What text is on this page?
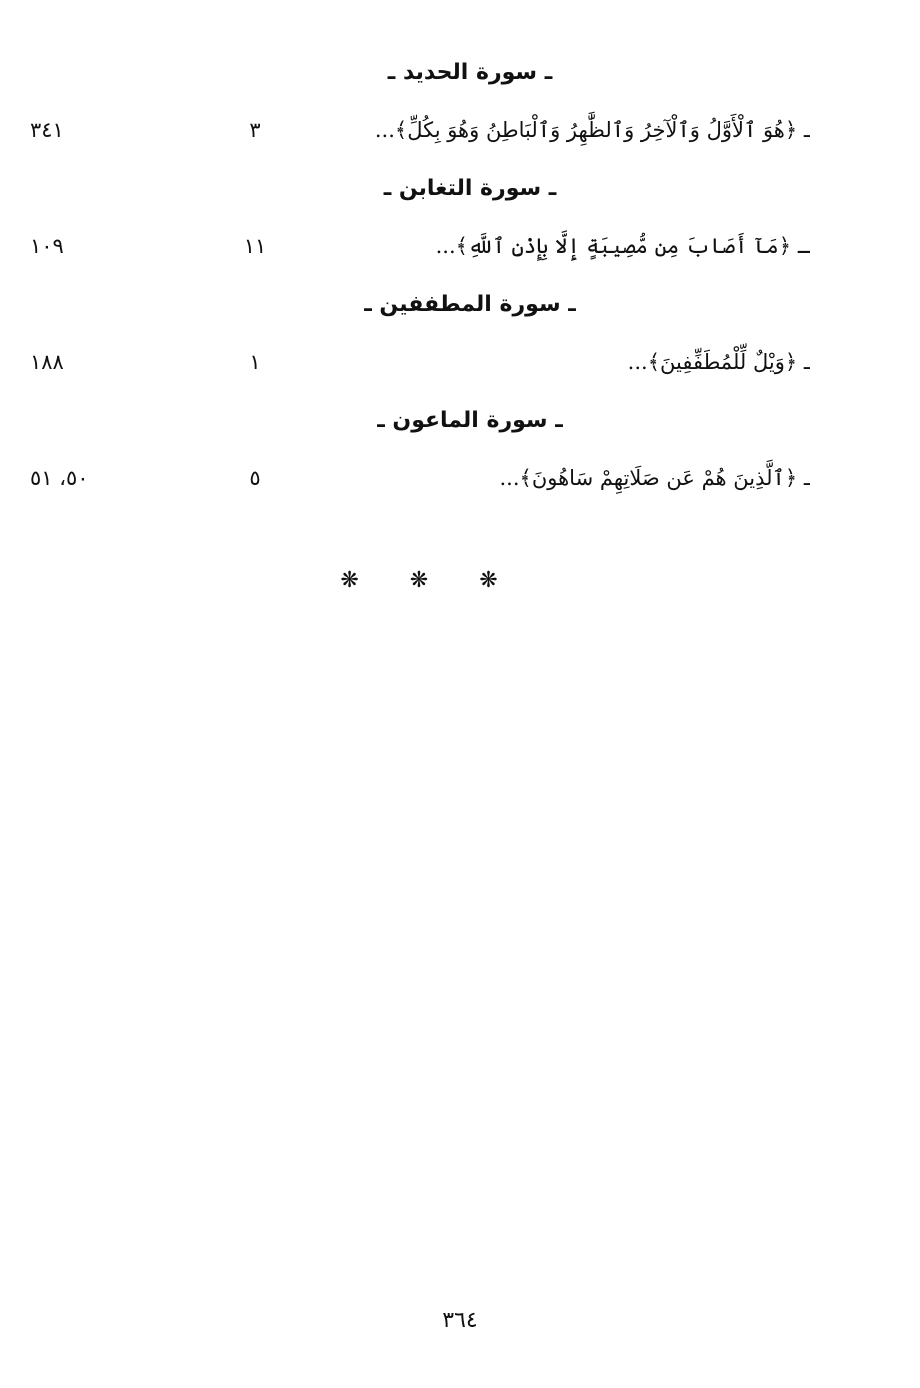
ـ سورة الحديد ـ
ـ ﴿هُوَ ٱلْأَوَّلُ وَٱلْآخِرُ وَٱلظَّٰهِرُ وَٱلْبَاطِنُ وَهُوَ بِكُلِّ﴾...
٣
٣٤١
ـ سورة التغابن ـ
ـ ﴿مَآ أَصَابَ مِن مُّصِيبَةٍ إِلَّا بِإِذْنِ ٱللَّهِ﴾...
١١
١٠٩
ـ سورة المطففين ـ
ـ ﴿وَيْلٌ لِّلْمُطَفِّفِينَ﴾...
١
١٨٨
ـ سورة الماعون ـ
ـ ﴿ٱلَّذِينَ هُمْ عَن صَلَاتِهِمْ سَاهُونَ﴾...
٥
٥٠، ٥١
❋ ❋ ❋
٣٦٤
